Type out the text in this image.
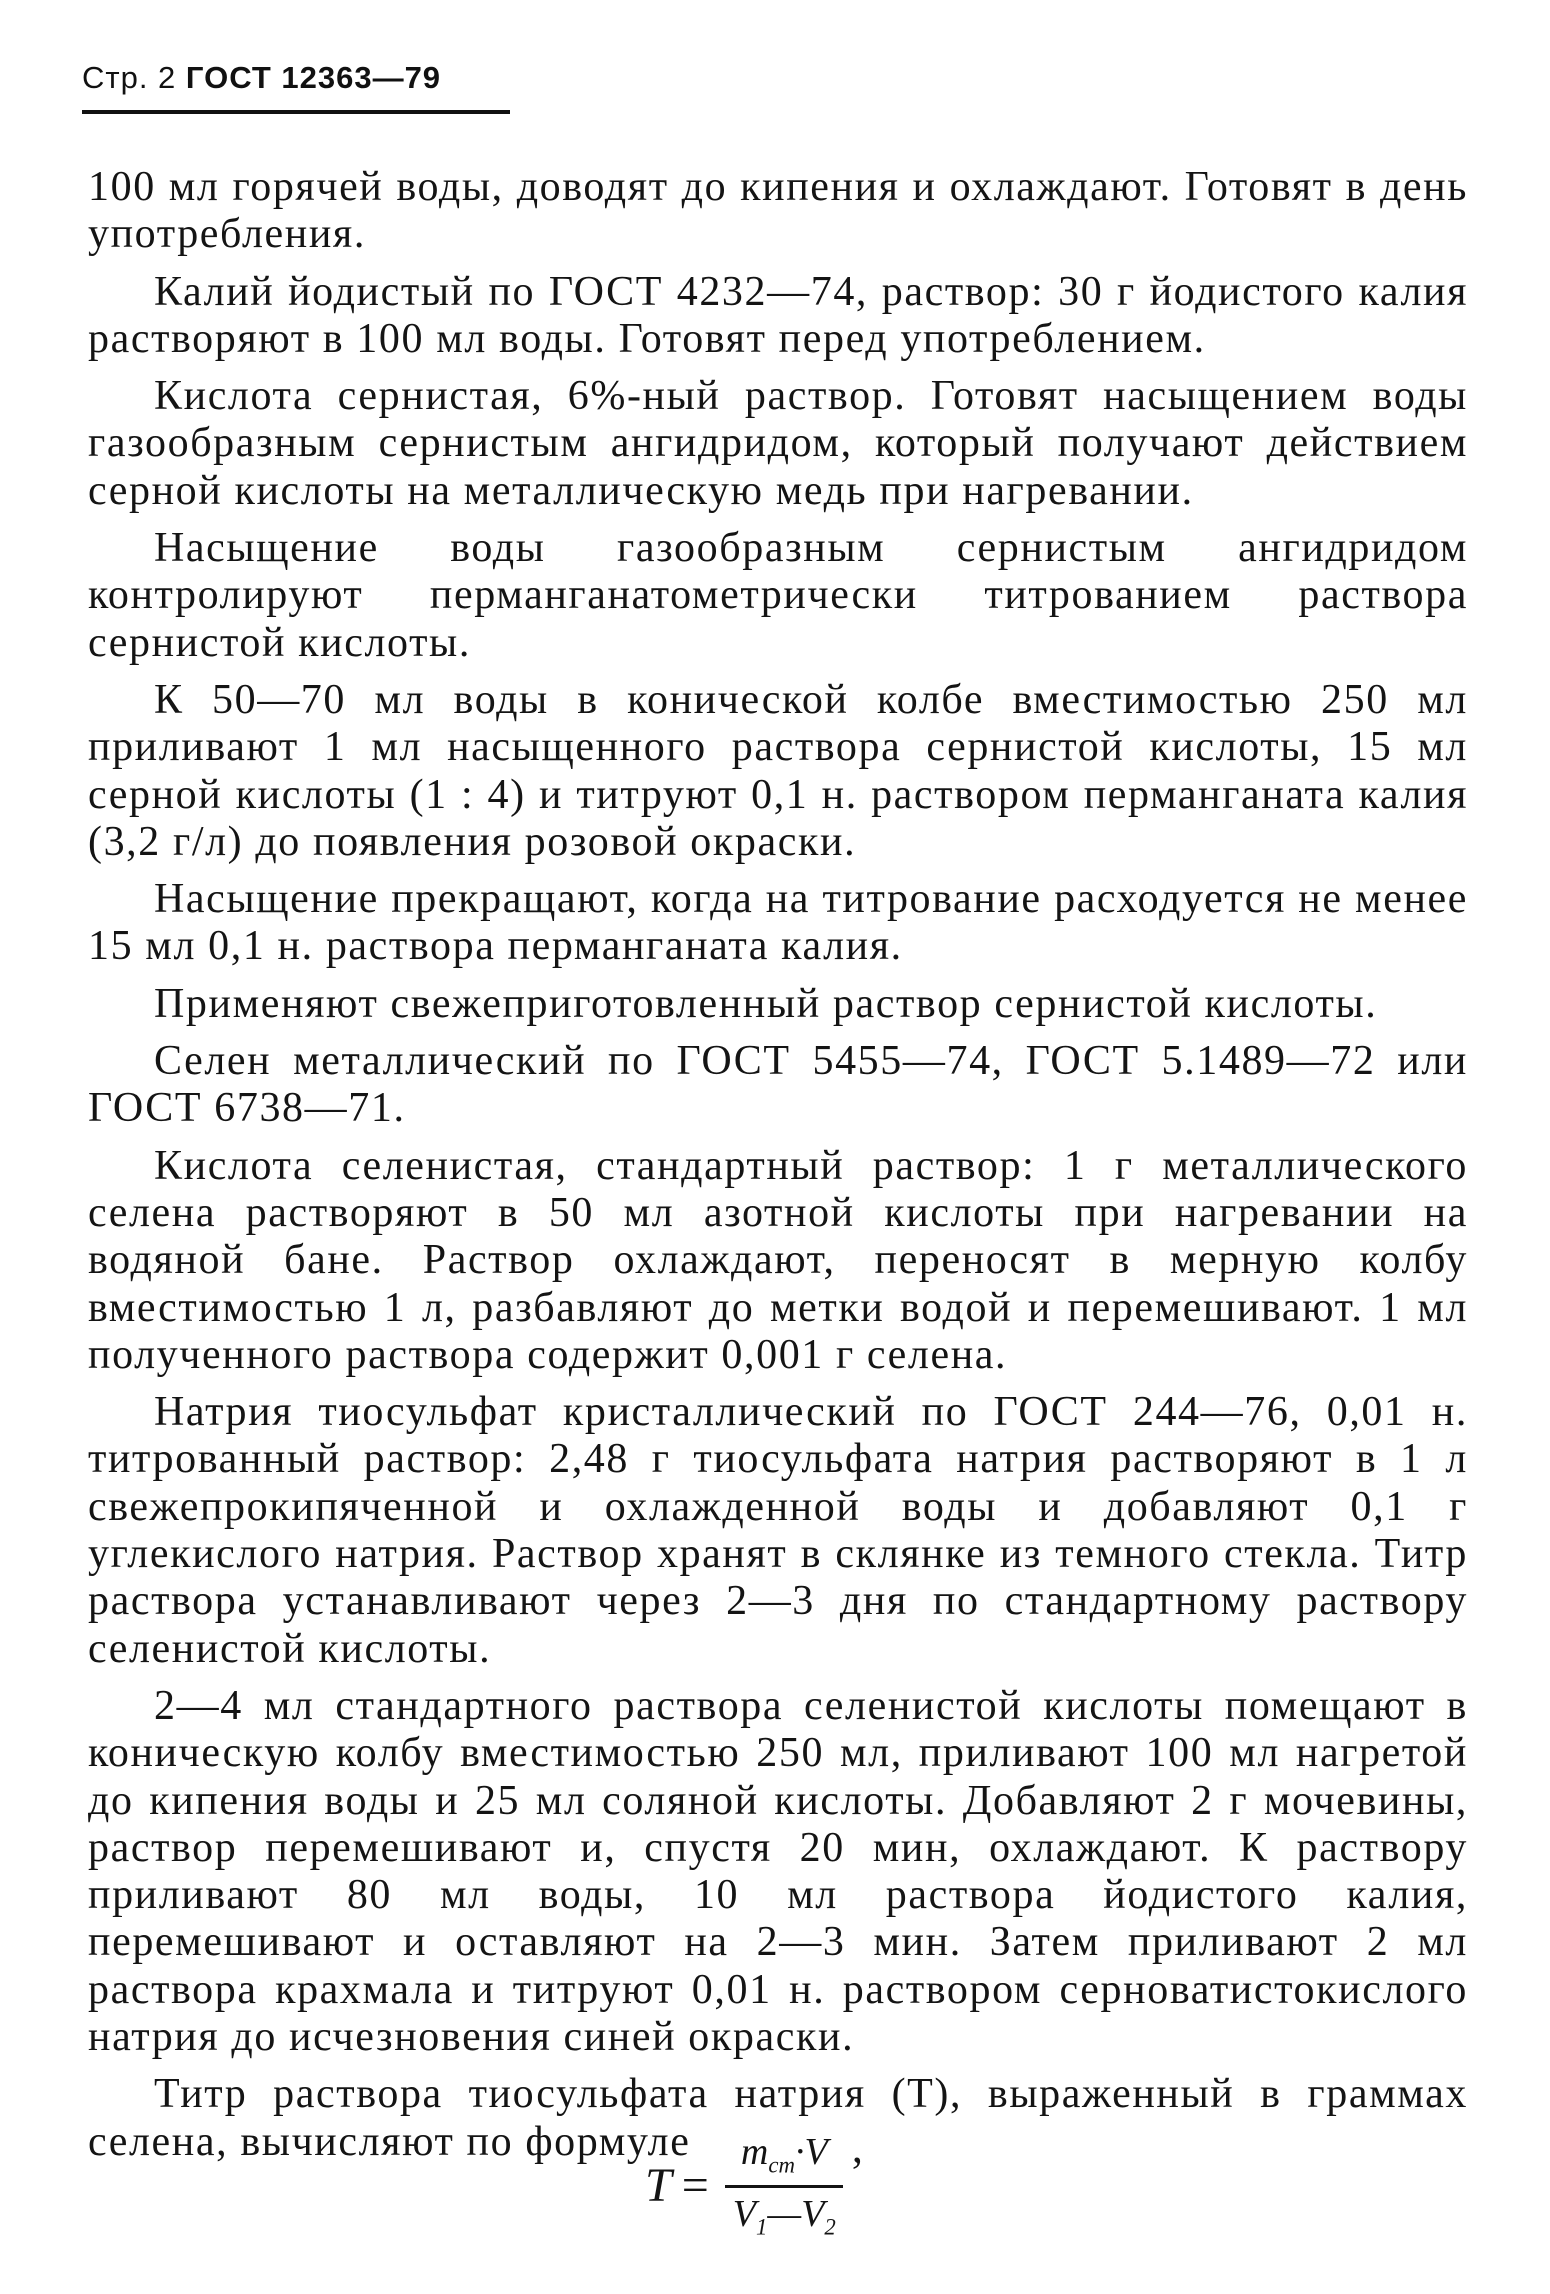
Стр. 2 ГОСТ 12363—79

100 мл горячей воды, доводят до кипения и охлаждают. Готовят в день употребления.

Калий йодистый по ГОСТ 4232—74, раствор: 30 г йодистого калия растворяют в 100 мл воды. Готовят перед употреблением.

Кислота сернистая, 6%-ный раствор. Готовят насыщением воды газообразным сернистым ангидридом, который получают действием серной кислоты на металлическую медь при нагревании.

Насыщение воды газообразным сернистым ангидридом контролируют перманганатометрически титрованием раствора сернистой кислоты.

К 50—70 мл воды в конической колбе вместимостью 250 мл приливают 1 мл насыщенного раствора сернистой кислоты, 15 мл серной кислоты (1 : 4) и титруют 0,1 н. раствором перманганата калия (3,2 г/л) до появления розовой окраски.

Насыщение прекращают, когда на титрование расходуется не менее 15 мл 0,1 н. раствора перманганата калия.

Применяют свежеприготовленный раствор сернистой кислоты.

Селен металлический по ГОСТ 5455—74, ГОСТ 5.1489—72 или ГОСТ 6738—71.

Кислота селенистая, стандартный раствор: 1 г металлического селена растворяют в 50 мл азотной кислоты при нагревании на водяной бане. Раствор охлаждают, переносят в мерную колбу вместимостью 1 л, разбавляют до метки водой и перемешивают. 1 мл полученного раствора содержит 0,001 г селена.

Натрия тиосульфат кристаллический по ГОСТ 244—76, 0,01 н. титрованный раствор: 2,48 г тиосульфата натрия растворяют в 1 л свежепрокипяченной и охлажденной воды и добавляют 0,1 г углекислого натрия. Раствор хранят в склянке из темного стекла. Титр раствора устанавливают через 2—3 дня по стандартному раствору селенистой кислоты.

2—4 мл стандартного раствора селенистой кислоты помещают в коническую колбу вместимостью 250 мл, приливают 100 мл нагретой до кипения воды и 25 мл соляной кислоты. Добавляют 2 г мочевины, раствор перемешивают и, спустя 20 мин, охлаждают. К раствору приливают 80 мл воды, 10 мл раствора йодистого калия, перемешивают и оставляют на 2—3 мин. Затем приливают 2 мл раствора крахмала и титруют 0,01 н. раствором серноватистокислого натрия до исчезновения синей окраски.

Титр раствора тиосульфата натрия (T), выраженный в граммах селена, вычисляют по формуле

$T = \frac{m_{ст}\cdot V}{V_1—V_2}$ ,
